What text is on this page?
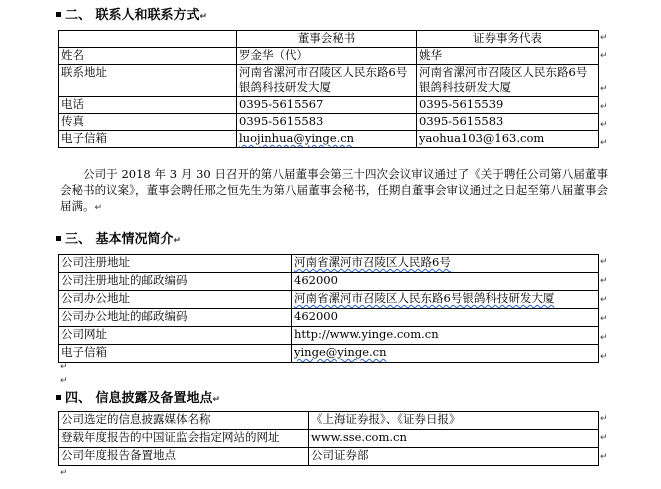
二、 联系人和联系方式↵
	董事会秘书	证券事务代表
姓名	罗金华（代）	姚华
联系地址	河南省漯河市召陵区人民东路6号银鸽科技研发大厦	河南省漯河市召陵区人民东路6号银鸽科技研发大厦
电话	0395-5615567	0395-5615539
传真	0395-5615583	0395-5615583
电子信箱	luojinhua@yinge.cn	yaohua103@163.com
公司于 2018 年 3 月 30 日召开的第八届董事会第三十四次会议审议通过了《关于聘任公司第八届董事会秘书的议案》，董事会聘任邢之恒先生为第八届董事会秘书，任期自董事会审议通过之日起至第八届董事会届满。↵
三、 基本情况简介↵
公司注册地址	河南省漯河市召陵区人民路6号
公司注册地址的邮政编码	462000
公司办公地址	河南省漯河市召陵区人民东路6号银鸽科技研发大厦
公司办公地址的邮政编码	462000
公司网址	http://www.yinge.com.cn
电子信箱	yinge@yinge.cn
↵
↵
四、 信息披露及备置地点↵
公司选定的信息披露媒体名称	《上海证券报》、《证券日报》
登载年度报告的中国证监会指定网站的网址	www.sse.com.cn
公司年度报告备置地点	公司证券部
↵
↵
↵
↵
↵
↵
↵
↵
↵
↵
↵
↵
↵
↵
↵
↵
